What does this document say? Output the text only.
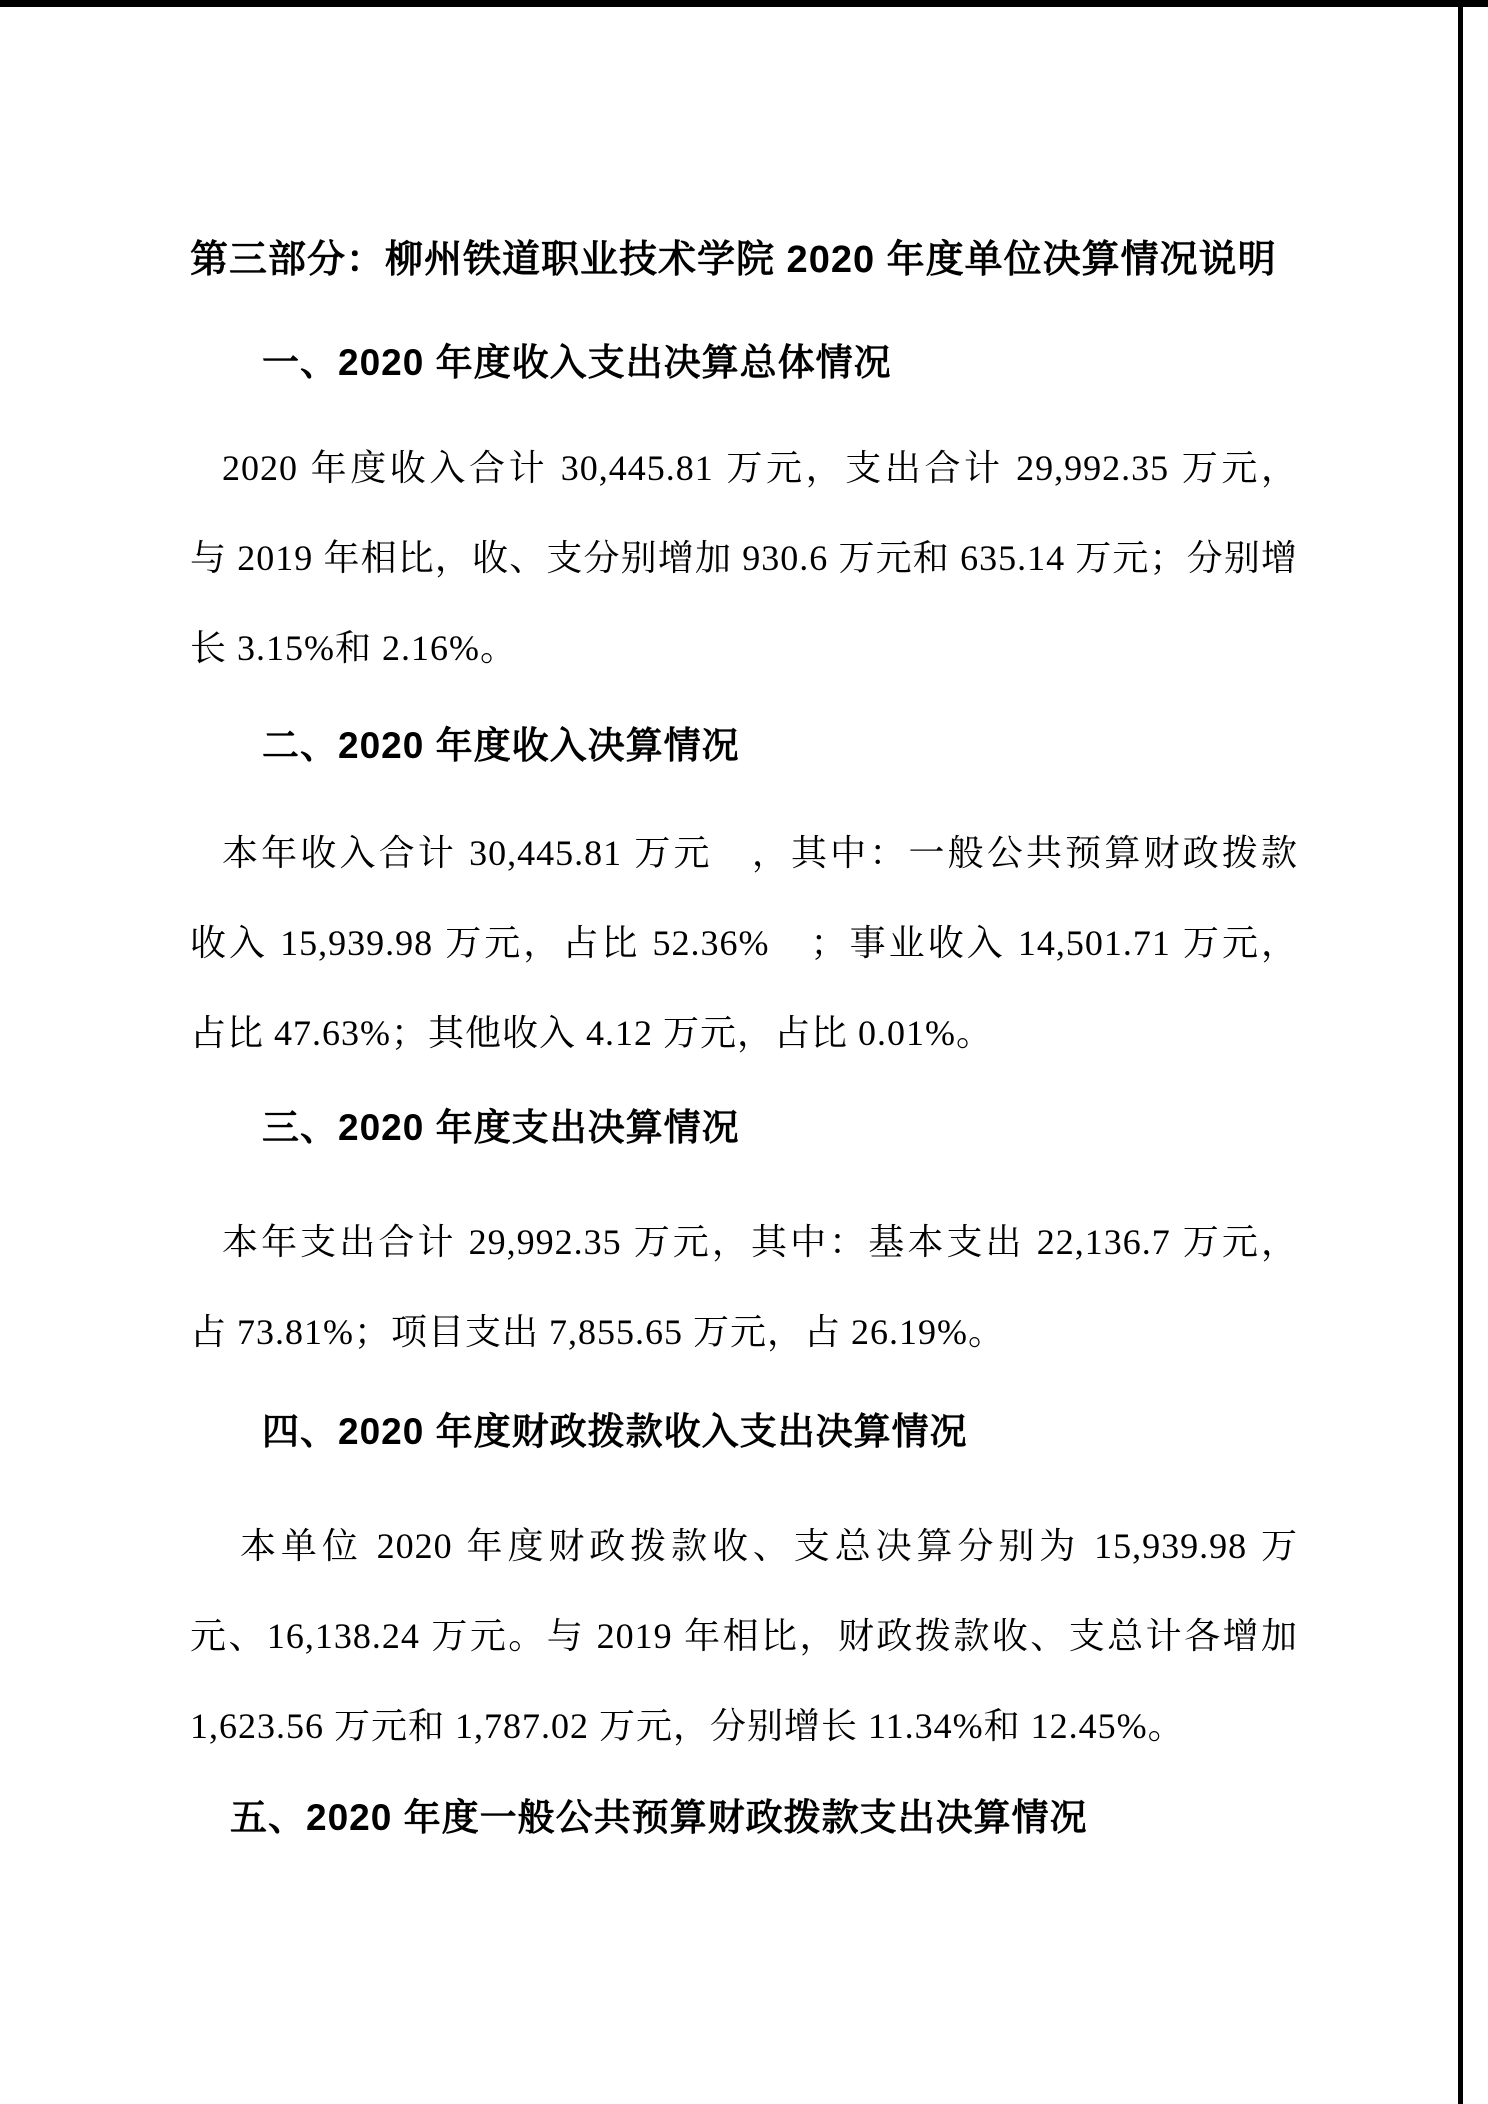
第三部分：柳州铁道职业技术学院 2020 年度单位决算情况说明
一、2020 年度收入支出决算总体情况
2020 年度收入合计 30,445.81 万元，支出合计 29,992.35 万元，
与 2019 年相比，收、支分别增加 930.6 万元和 635.14 万元；分别增
长 3.15%和 2.16%。
二、2020 年度收入决算情况
本年收入合计 30,445.81 万元　，其中：一般公共预算财政拨款
收入 15,939.98 万元，占比 52.36%　；事业收入 14,501.71 万元，
占比 47.63%；其他收入 4.12 万元，占比 0.01%。
三、2020 年度支出决算情况
本年支出合计 29,992.35 万元，其中：基本支出 22,136.7 万元，
占 73.81%；项目支出 7,855.65 万元，占 26.19%。
四、2020 年度财政拨款收入支出决算情况
本单位 2020 年度财政拨款收、支总决算分别为 15,939.98 万
元、16,138.24 万元。与 2019 年相比，财政拨款收、支总计各增加
1,623.56 万元和 1,787.02 万元，分别增长 11.34%和 12.45%。
五、2020 年度一般公共预算财政拨款支出决算情况
